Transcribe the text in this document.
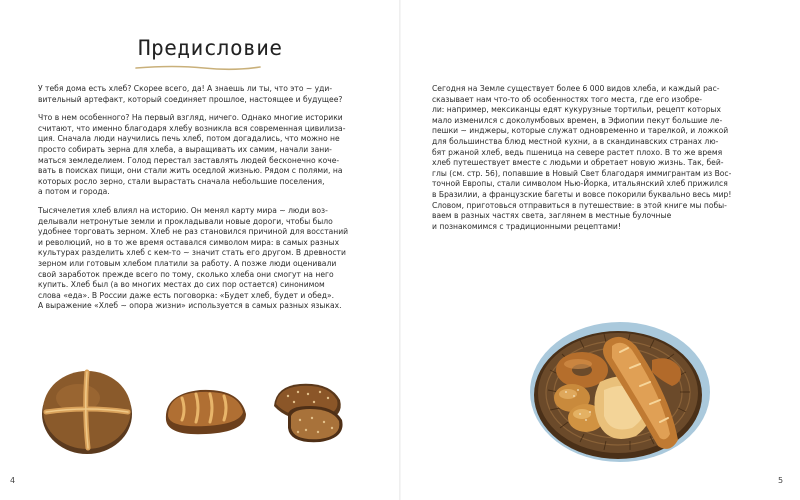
Предисловие

У тебя дома есть хлеб? Скорее всего, да! А знаешь ли ты, что это ~ уди-
вительный артефакт, который соединяет прошлое, настоящее и будущее?

Что в нем особенного? На первый взгляд, ничего. Однако многие историки
считают, что именно благодаря хлебу возникла вся современная цивилиза-
ция. Сначала люди научились печь хлеб, потом догадались, что можно не
просто собирать зерна для хлеба, а выращивать их самим, начали зани-
маться земледелием. Голод перестал заставлять людей бесконечно коче-
вать в поисках пищи, они стали жить оседлой жизнью. Рядом с полями, на
которых росло зерно, стали вырастать сначала небольшие поселения,
а потом и города.

Тысячелетия хлеб влиял на историю. Он менял карту мира ~ люди воз-
делывали нетронутые земли и прокладывали новые дороги, чтобы было
удобнее торговать зерном. Хлеб не раз становился причиной для восстаний
и революций, но в то же время оставался символом мира: в самых разных
культурах разделить хлеб с кем-то ~ значит стать его другом. В древности
зерном или готовым хлебом платили за работу. А позже люди оценивали
свой заработок прежде всего по тому, сколько хлеба они смогут на него
купить. Хлеб был (а во многих местах до сих пор остается) синонимом
слова «еда». В России даже есть поговорка: «Будет хлеб, будет и обед».
А выражение «Хлеб ~ опора жизни» используется в самых разных языках.

4

Сегодня на Земле существует более 6 000 видов хлеба, и каждый рас-
сказывает нам что-то об особенностях того места, где его изобре-
ли: например, мексиканцы едят кукурузные тортильи, рецепт которых
мало изменился с доколумбовых времен, в Эфиопии пекут большие ле-
пешки ~ инджеры, которые служат одновременно и тарелкой, и ложкой
для большинства блюд местной кухни, а в скандинавских странах лю-
бят ржаной хлеб, ведь пшеница на севере растет плохо. В то же время
хлеб путешествует вместе с людьми и обретает новую жизнь. Так, бей-
глы (см. стр. 56), попавшие в Новый Свет благодаря иммигрантам из Вос-
точной Европы, стали символом Нью-Йорка, итальянский хлеб прижился
в Бразилии, а французские багеты и вовсе покорили буквально весь мир!
Словом, приготовься отправиться в путешествие: в этой книге мы побы-
ваем в разных частях света, заглянем в местные булочные
и познакомимся с традиционными рецептами!

5
